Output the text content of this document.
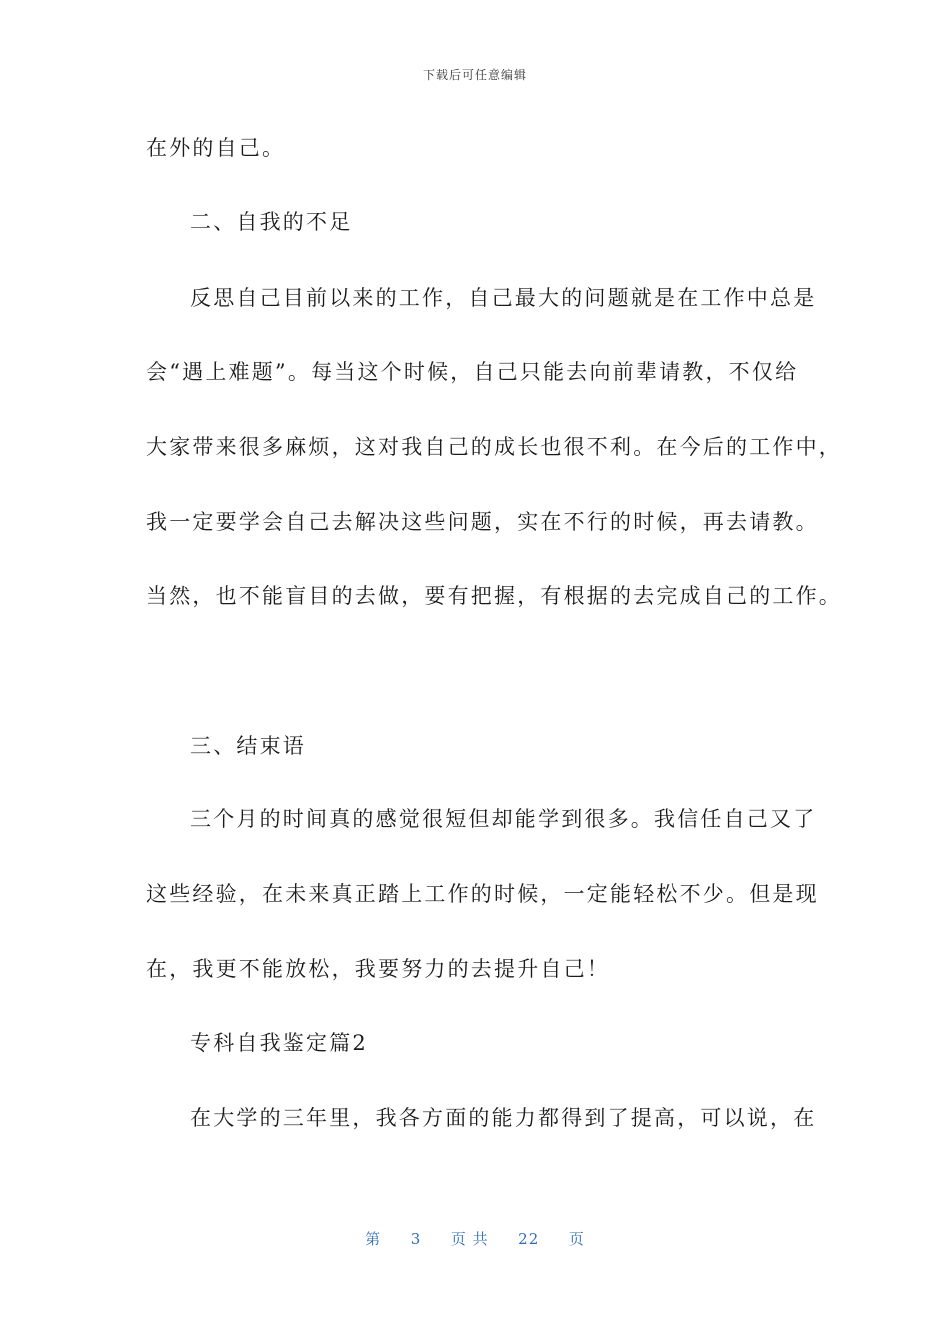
下载后可任意编辑
在外的自己。
二、自我的不足
反思自己目前以来的工作，自己最大的问题就是在工作中总是
会“遇上难题”。每当这个时候，自己只能去向前辈请教，不仅给
大家带来很多麻烦，这对我自己的成长也很不利。在今后的工作中，
我一定要学会自己去解决这些问题，实在不行的时候，再去请教。
当然，也不能盲目的去做，要有把握，有根据的去完成自己的工作。
三、结束语
三个月的时间真的感觉很短但却能学到很多。我信任自己又了
这些经验，在未来真正踏上工作的时候，一定能轻松不少。但是现
在，我更不能放松，我要努力的去提升自己！
专科自我鉴定篇2
在大学的三年里，我各方面的能力都得到了提高，可以说，在
第 3 页 共 22 页
